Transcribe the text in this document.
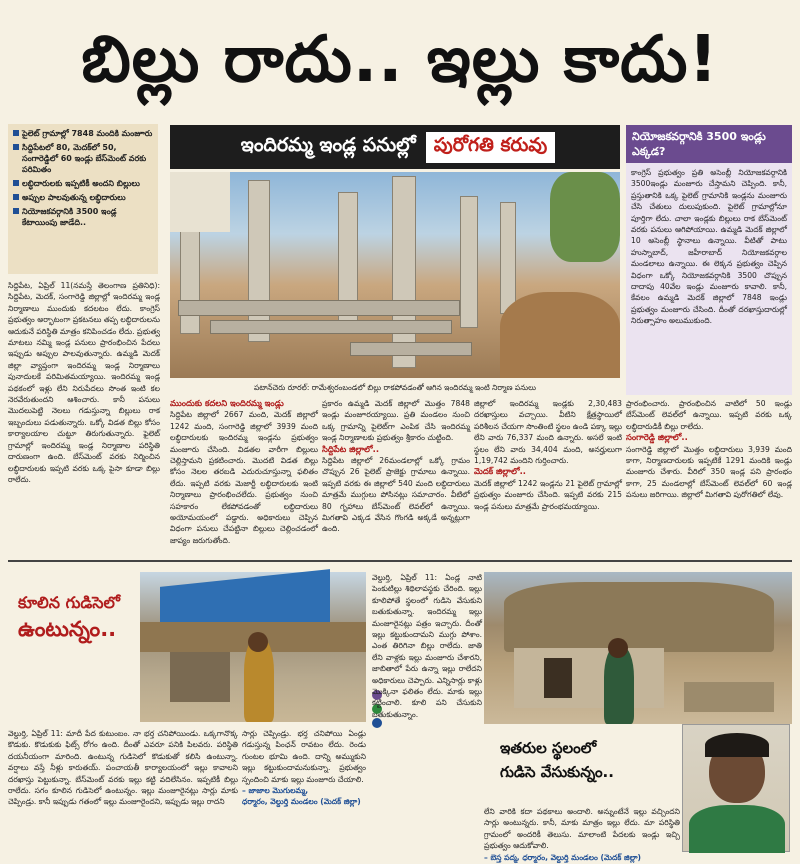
బిల్లు రాదు.. ఇల్లు కాదు!
పైలెట్ గ్రామాల్లో 7848 మందికి మంజూరు
సిద్దిపేటలో 80, మెదక్‌లో 50, సంగారెడ్డిలో 60 ఇండ్లు బేస్‌మెంట్ వరకు పరిమితం
లబ్ధిదారులకు ఇప్పటికీ అందని బిల్లులు
అప్పుల పాలవుతున్న లబ్ధిదారులు
నియోజకవర్గానికి 3500 ఇండ్ల కేటాయింపు జాడేది..
సిద్దిపేట, ఏప్రిల్ 11(నమస్తే తెలంగాణ ప్రతినిధి): సిద్దిపేట, మెదక్, సంగారెడ్డి జిల్లాల్లో ఇందిరమ్మ ఇండ్ల నిర్మాణాలు ముందుకు కదలటం లేదు. కాంగ్రెస్ ప్రభుత్వం అర్భాటంగా ప్రకటనలు తప్ప లబ్ధిదారులను ఆదుకునే పరిస్థితి మాత్రం కనిపించడం లేదు. ప్రభుత్వ మాటలు నమ్మి ఇండ్ల పనులు ప్రారంభించిన పేదలు ఇప్పుడు అప్పుల పాలవుతున్నారు. ఉమ్మడి మెదక్ జిల్లా వ్యాప్తంగా ఇందిరమ్మ ఇండ్ల నిర్మాణాలు పునాదులకే పరిమితమయ్యాయి. ఇందిరమ్మ ఇండ్ల పథకంలో ఇళ్లు లేని నిరుపేదలు సొంత ఇంటి కల నెరవేరుతుందని ఆశించారు. కానీ పనులు మొదలుపెట్టి నెలలు గడుస్తున్నా బిల్లులు రాక ఇబ్బందులు పడుతున్నారు. ఒక్కో విడత బిల్లు కోసం కార్యాలయాల చుట్టూ తిరుగుతున్నారు. ఫైలెట్ గ్రామాల్లో ఇందిరమ్మ ఇండ్ల నిర్మాణాల పరిస్థితి దారుణంగా ఉంది. బేస్‌మెంట్ వరకు నిర్మించిన లబ్ధిదారులకు ఇప్పటి వరకు ఒక్క పైసా కూడా బిల్లు రాలేదు.
ఇందిరమ్మ ఇండ్ల పనుల్లో పురోగతి కరువు
పటాన్‌చెరు రూరల్: రామేశ్వరంబండలో బిల్లు రాకపోవడంతో ఆగిన ఇందిరమ్మ ఇంటి నిర్మాణ పనులు
ముందుకు కదలని ఇందిరమ్మ ఇండ్లు
సిద్దిపేట జిల్లాలో 2667 మంది, మెదక్ జిల్లాలో 1242 మంది, సంగారెడ్డి జిల్లాలో 3939 మంది లబ్ధిదారులకు ఇందిరమ్మ ఇండ్లను ప్రభుత్వం మంజూరు చేసింది. విడతల వారీగా బిల్లులు చెల్లిస్తామని ప్రకటించారు. మొదటి విడత బిల్లు కోసం నెలల తరబడి ఎదురుచూస్తున్నా ఫలితం లేదు. ఇప్పటి వరకు మెజార్టీ లబ్ధిదారులకు ఇంటి నిర్మాణాలు ప్రారంభించలేదు. ప్రభుత్వం నుంచి సహకారం లేకపోవడంతో లబ్ధిదారులు అయోమయంలో పడ్డారు. అధికారులు చెప్పిన విధంగా పనులు చేపట్టినా బిల్లులు చెల్లించడంలో జాప్యం జరుగుతోంది.
ప్రకారం ఉమ్మడి మెదక్ జిల్లాలో మొత్తం 7848 ఇండ్లు మంజూరయ్యాయి. ప్రతి మండలం నుంచి ఒక్క గ్రామాన్ని పైలెట్‌గా ఎంపిక చేసి ఇందిరమ్మ ఇండ్ల నిర్మాణాలకు ప్రభుత్వం శ్రీకారం చుట్టింది.
సిద్దిపేట జిల్లాలో..
సిద్దిపేట జిల్లాలో 26మండలాల్లో ఒక్కో గ్రామం చొప్పున 26 పైలెట్ ప్రాజెక్టు గ్రామాలు ఉన్నాయి. ఇప్పటి వరకు ఈ జిల్లాలో 540 మంది లబ్ధిదారులు మాత్రమే ముగ్గులు పోసినట్లు సమాచారం. వీటిలో 80 గృహాలు బేస్‌మెంట్ లెవల్‌లో ఉన్నాయి. మిగతావి ఎక్కడ వేసిన గొంగడి అక్కడే అన్నట్లుగా ఉంది.
జిల్లాలో ఇందిరమ్మ ఇండ్లకు 2,30,483 దరఖాస్తులు వచ్చాయి. వీటిని క్షేత్రస్థాయిలో పరిశీలన చేయగా సొంతింటి స్థలం ఉండి పక్కా ఇల్లు లేని వారు 76,337 మంది ఉన్నారు. అసలే ఇంటి స్థలం లేని వారు 34,404 మంది, అనర్హులుగా 1,19,742 మందిని గుర్తించారు.
మెదక్ జిల్లాలో..
మెదక్ జిల్లాలో 1242 ఇండ్లను 21 పైలెట్ గ్రామాల్లో ప్రభుత్వం మంజూరు చేసింది. ఇప్పటి వరకు 215 ఇండ్ల పనులు మాత్రమే ప్రారంభమయ్యాయి.
ప్రారంభించారు. ప్రారంభించిన వాటిలో 50 ఇండ్లు బేస్‌మెంట్ లెవల్‌లో ఉన్నాయి. ఇప్పటి వరకు ఒక్క లబ్ధిదారుడికీ బిల్లు రాలేదు.
సంగారెడ్డి జిల్లాలో..
సంగారెడ్డి జిల్లాలో మొత్తం లబ్ధిదారులు 3,939 మంది కాగా, నిర్మాణదారులకు ఇప్పటికే 1291 మందికి ఇండ్లు మంజూరు చేశారు. వీరిలో 350 ఇండ్ల పని ప్రారంభం కాగా, 25 మండలాల్లో బేస్‌మెంట్ లెవల్‌లో 60 ఇండ్ల పనులు జరిగాయి. జిల్లాలో మిగతావి పురోగతిలో లేవు.
నియోజకవర్గానికి 3500 ఇండ్లు ఎక్కడ?
కాంగ్రెస్ ప్రభుత్వం ప్రతి అసెంబ్లీ నియోజకవర్గానికి 3500ఇండ్లు మంజూరు చేస్తామని చెప్పింది. కానీ, ప్రస్తుతానికి ఒక్క పైలెట్ గ్రామానికి ఇండ్లను మంజూరు చేసి చేతులు దులుపుకుంది. పైలెట్ గ్రామాల్లోనూ పూర్తిగా లేదు. చాలా ఇండ్లకు బిల్లులు రాక బేస్‌మెంట్ వరకు పనులు ఆగిపోయాయి. ఉమ్మడి మెదక్ జిల్లాలో 10 అసెంబ్లీ స్థానాలు ఉన్నాయి. వీటితో పాటు హుస్నాబాద్, జహీరాబాద్ నియోజకవర్గాల మండలాలు ఉన్నాయి. ఈ లెక్కన ప్రభుత్వం చెప్పిన విధంగా ఒక్కో నియోజకవర్గానికి 3500 చొప్పున దాదాపు 40వేల ఇండ్లు మంజూరు కావాలి. కానీ, కేవలం ఉమ్మడి మెదక్ జిల్లాలో 7848 ఇండ్లు ప్రభుత్వం మంజూరు చేసింది. దీంతో దరఖాస్తుదారుల్లో నిరుత్సాహం అలుముకుంది.
కూలిన గుడిసెలో
ఉంటున్నం..
వెల్దుర్తి, ఏప్రిల్ 11: మాదీ పేద కుటుంబం. నా భర్త చనిపోయిండు. ఒక్కగానొక్క కొడుకు. కొడుకుకు ఫిట్స్ రోగం ఉంది. దీంతో ఎవరూ పనికి పిలవరు. పరిస్థితి దయనీయంగా మారింది. ఉంటున్న గుడిసెలో కొడుకుతో కలిసి ఉంటున్నా. వర్షాలు వస్తే నీళ్లు కారుతయ్. పంచాయతీ కార్యాలయంలో ఇల్లు కావాలని దరఖాస్తు పెట్టుకున్నా. బేస్‌మెంట్ వరకు ఇల్లు కట్టి వదిలేసినం. ఇప్పటికీ బిల్లు రాలేదు. సగం కూలిన గుడిసెలో ఉంటున్నం. ఇల్లు మంజూరైనట్లు సార్లు మాకు చెప్పిండ్రు. కానీ ఇప్పుడు గతంలో ఇల్లు మంజూరైందని, ఇప్పుడు ఇల్లు రాదని
సార్లు చెప్పిండ్రు. భర్త చనిపోయి ఏండ్లు గడుస్తున్న పింఛన్ రావటం లేదు. రెండు గుంటల భూమి ఉంది. దాన్ని అమ్ముకుని ఇల్లు కట్టుకుందామనుకున్నా. ప్రభుత్వం స్పందించి మాకు ఇల్లు మంజూరు చేయాలి.
– జాజాల మొగులమ్మ,
ధర్మారం, వెల్దుర్తి మండలం (మెదక్ జిల్లా)
వెల్దుర్తి, ఏప్రిల్ 11: ఏండ్ల నాటి పెంకుటిల్లు శిథిలావస్థకు చేరింది. ఇల్లు కూలిపోతే స్థలంలో గుడిసె వేసుకుని బతుకుతున్నా. ఇందిరమ్మ ఇల్లు మంజూరైనట్లు పత్రం ఇచ్చారు. దీంతో ఇల్లు కట్టుకుందామని ముగ్గు పోశాం. ఎంత తిరిగినా బిల్లు రాలేదు. జాతి లేని వాళ్లకు ఇల్లు మంజూరు చేశారని, జాబితాలో పేరు ఉన్నా ఇల్లు రాలేదని అధికారులు చెప్పారు. ఎన్నిసార్లు కాళ్లు మొక్కినా ఫలితం లేదు. మాకు ఇల్లు కట్టించాలి. కూలి పని చేసుకుని బతుకుతున్నాం.
ఇతరుల స్థలంలో
గుడిసె వేసుకున్నం..
లేని వారికి కదా పథకాలు అందాలి. అన్నుంటేనే ఇల్లు వచ్చిందని సార్లు అంటున్నరు. కానీ, మాకు మాత్రం ఇల్లు లేదు. మా పరిస్థితి గ్రామంలో అందరికీ తెలుసు. మాలాంటి పేదలకు ఇండ్లు ఇచ్చి ప్రభుత్వం ఆదుకోవాలి.
– బెస్త పద్మ, ధర్మారం, వెల్దుర్తి మండలం (మెదక్ జిల్లా)
